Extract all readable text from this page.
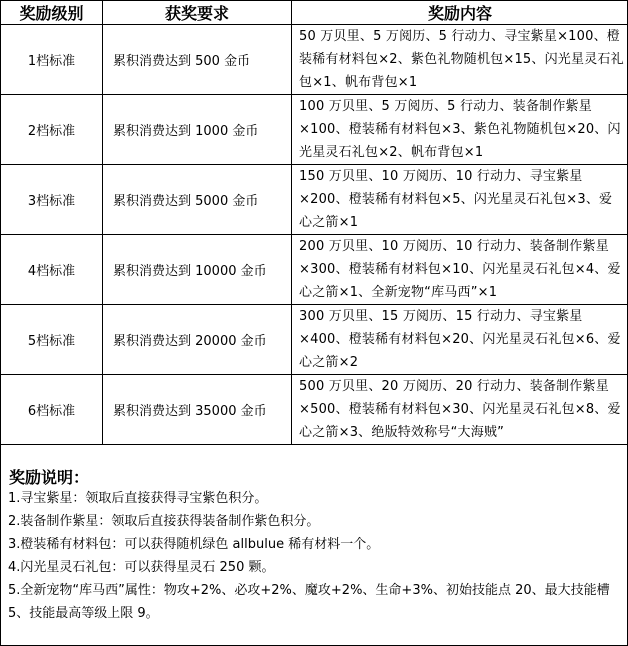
奖励级别	获奖要求	奖励内容
1档标准	累积消费达到 500 金币	50 万贝里、5 万阅历、5 行动力、寻宝紫星×100、橙装稀有材料包×2、紫色礼物随机包×15、闪光星灵石礼包×1、帆布背包×1
2档标准	累积消费达到 1000 金币	100 万贝里、5 万阅历、5 行动力、装备制作紫星×100、橙装稀有材料包×3、紫色礼物随机包×20、闪光星灵石礼包×2、帆布背包×1
3档标准	累积消费达到 5000 金币	150 万贝里、10 万阅历、10 行动力、寻宝紫星×200、橙装稀有材料包×5、闪光星灵石礼包×3、爱心之箭×1
4档标准	累积消费达到 10000 金币	200 万贝里、10 万阅历、10 行动力、装备制作紫星×300、橙装稀有材料包×10、闪光星灵石礼包×4、爱心之箭×1、全新宠物“库马西”×1
5档标准	累积消费达到 20000 金币	300 万贝里、15 万阅历、15 行动力、寻宝紫星×400、橙装稀有材料包×20、闪光星灵石礼包×6、爱心之箭×2
6档标准	累积消费达到 35000 金币	500 万贝里、20 万阅历、20 行动力、装备制作紫星×500、橙装稀有材料包×30、闪光星灵石礼包×8、爱心之箭×3、绝版特效称号“大海贼”
奖励说明：
1.寻宝紫星：领取后直接获得寻宝紫色积分。
2.装备制作紫星：领取后直接获得装备制作紫色积分。
3.橙装稀有材料包：可以获得随机绿色 allbulue 稀有材料一个。
4.闪光星灵石礼包：可以获得星灵石 250 颗。
5.全新宠物“库马西”属性：物攻+2%、必攻+2%、魔攻+2%、生命+3%、初始技能点 20、最大技能槽 5、技能最高等级上限 9。
